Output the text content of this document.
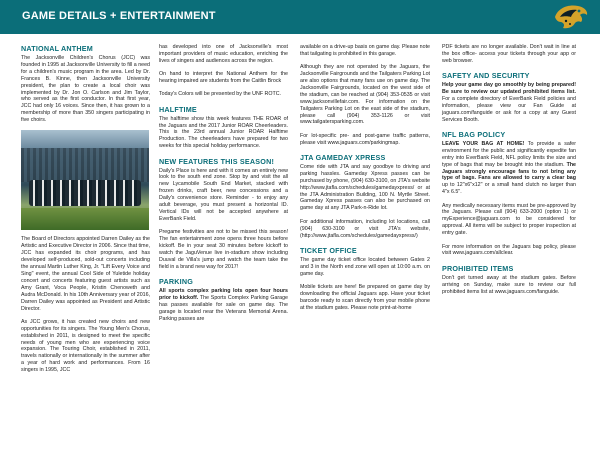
GAME DETAILS + ENTERTAINMENT
NATIONAL ANTHEM

The Jacksonville Children's Chorus (JCC) was founded in 1995 at Jacksonville University to fill a need for a children's music program in the area. Led by Dr. Frances B. Kinne, then Jacksonville University president, the plan to create a local choir was implemented by Dr. Jon O. Carlson and Jim Taylor, who served as the first conductor. In that first year, JCC had only 16 voices. Since then, it has grown to a membership of more than 350 singers participating in five choirs.

The Board of Directors appointed Darren Dailey as the Artistic and Executive Director in 2006. Since that time, JCC has expanded its choir programs, and has developed self-produced, sold-out concerts including the annual Martin Luther King, Jr. "Lift Every Voice and Sing" event, the annual Cool Side of Yuletide holiday concert and concerts featuring guest artists such as Amy Grant, Voca People, Kristin Chenoweth and Audra McDonald. In his 10th Anniversary year of 2016, Darren Dailey was appointed as President and Artistic Director.

As JCC grows, it has created new choirs and new opportunities for its singers. The Young Men's Chorus, established in 2011, is designed to meet the specific needs of young men who are experiencing voice expansion. The Touring Choir, established in 2011, travels nationally or internationally in the summer after a year of hard work and performances. From 16 singers in 1995, JCC

has developed into one of Jacksonville's most important providers of music education, enriching the lives of singers and audiences across the region.

On hand to interpret the National Anthem for the hearing impaired are students from the Caitlin Brock

Today's Colors will be presented by the UNF ROTC.

HALFTIME

The halftime show this week features THE ROAR of the Jaguars and the 2017 Junior ROAR Cheerleaders. This is the 23rd annual Junior ROAR Halftime Production. The cheerleaders have prepared for two weeks for this special holiday performance.

NEW FEATURES THIS SEASON!

Daily's Place is here and with it comes an entirely new look to the south end zone. Stop by and visit the all new Lycamobile South End Market, stacked with frozen drinks, craft beer, new concessions and a Daily's convenience store. Reminder - to enjoy any adult beverage, you must present a horizontal ID. Vertical IDs will not be accepted anywhere at EverBank Field.

Pregame festivities are not to be missed this season! The fan entertainment zone opens three hours before kickoff. Be in your seat 30 minutes before kickoff to watch the JaguVenue live in-stadium show including Duuval de Villa's jump and watch the team take the field in a brand new way for 2017!

PARKING

All sports complex parking lots open four hours prior to kickoff. The Sports Complex Parking Garage has passes available for sale on game day. The garage is located near the Veterans Memorial Arena. Parking passes are

available on a drive-up basis on game day. Please note that tailgating is prohibited in this garage.

Although they are not operated by the Jaguars, the Jacksonville Fairgrounds and the Tailgaters Parking Lot are also options that many fans use on game day. The Jacksonville Fairgrounds, located on the west side of the stadium, can be reached at (904) 353-0535 or visit www.jacksonvillefair.com. For information on the Tailgaters Parking Lot on the east side of the stadium, please call (904) 353-1126 or visit www.tailgatersparking.com.

For lot-specific pre- and post-game traffic patterns, please visit www.jaguars.com/parkingmap.

JTA GAMEDAY XPRESS

Come ride with JTA and say goodbye to driving and parking hassles. Gameday Xpress passes can be purchased by phone, (904) 630-3100, on JTA's website http://www.jtafla.com/schedules/gamedayxpress/ or at the JTA Administration Building, 100 N. Myrtle Street. Gameday Xpress passes can also be purchased on game day at any JTA Park-n-Ride lot.

For additional information, including lot locations, call (904) 630-3100 or visit JTA's website, (http://www.jtafla.com/schedules/gamedayxpress/)

TICKET OFFICE

The game day ticket office located between Gates 2 and 3 in the North end zone will open at 10:00 a.m. on game day.

Mobile tickets are here! Be prepared on game day by downloading the official Jaguars app. Have your ticket barcode ready to scan directly from your mobile phone at the stadium gates. Please note print-at-home

PDF tickets are no longer available. Don't wait in line at the box office- access your tickets through your app or web browser.

SAFETY AND SECURITY

Help your game day go smoothly by being prepared! Be sure to review our updated prohibited items list. For a complete directory of EverBank Field policies and information, please view our Fan Guide at jaguars.com/fanguide or ask for a copy at any Guest Services Booth.

NFL BAG POLICY

LEAVE YOUR BAG AT HOME! To provide a safer environment for the public and significantly expedite fan entry into EverBank Field, NFL policy limits the size and type of bags that may be brought into the stadium. The Jaguars strongly encourage fans to not bring any type of bags. Fans are allowed to carry a clear bag up to 12"x6"x12" or a small hand clutch no larger than 4"x 6.5".

Any medically necessary items must be pre-approved by the Jaguars. Please call (904) 633-2000 (option 1) or myExperience@jaguars.com to be considered for approval. All items will be subject to proper inspection at entry gate.

For more information on the Jaguars bag policy, please visit www.jaguars.com/allclear.

PROHIBITED ITEMS

Don't get turned away at the stadium gates. Before arriving on Sunday, make sure to review our full prohibited items list at www.jaguars.com/fanguide.
